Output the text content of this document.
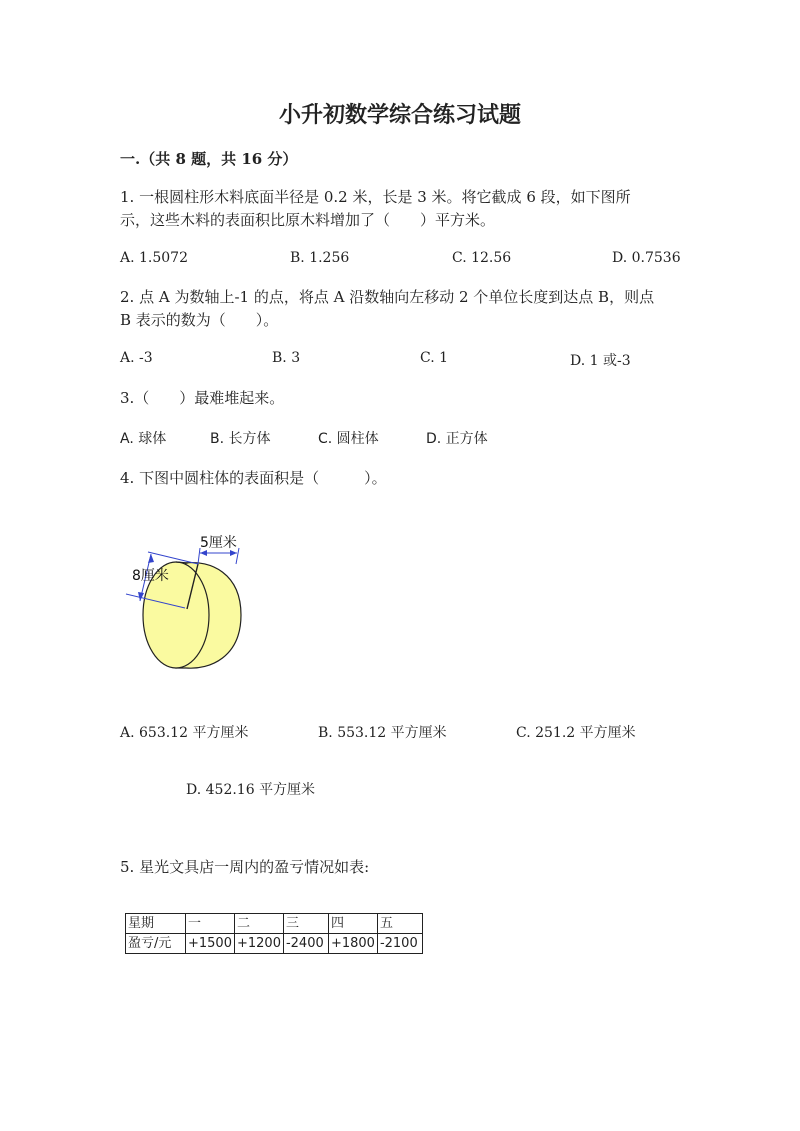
小升初数学综合练习试题
一.（共 8 题，共 16 分）
1. 一根圆柱形木料底面半径是 0.2 米，长是 3 米。将它截成 6 段，如下图所
示，这些木料的表面积比原木料增加了（　　）平方米。
A. 1.5072	B. 1.256	C. 12.56	D. 0.7536
2. 点 A 为数轴上-1 的点，将点 A 沿数轴向左移动 2 个单位长度到达点 B，则点
B 表示的数为（　　）。
A. -3	B. 3	C. 1	D. 1 或-3
3.（　　）最难堆起来。
A. 球体	B. 长方体	C. 圆柱体	D. 正方体
4. 下图中圆柱体的表面积是（　　　）。
5厘米
8厘米
A. 653.12 平方厘米	B. 553.12 平方厘米	C. 251.2 平方厘米
D. 452.16 平方厘米
5. 星光文具店一周内的盈亏情况如表:
星期	一	二	三	四	五
盈亏/元	+1500	+1200	-2400	+1800	-2100
